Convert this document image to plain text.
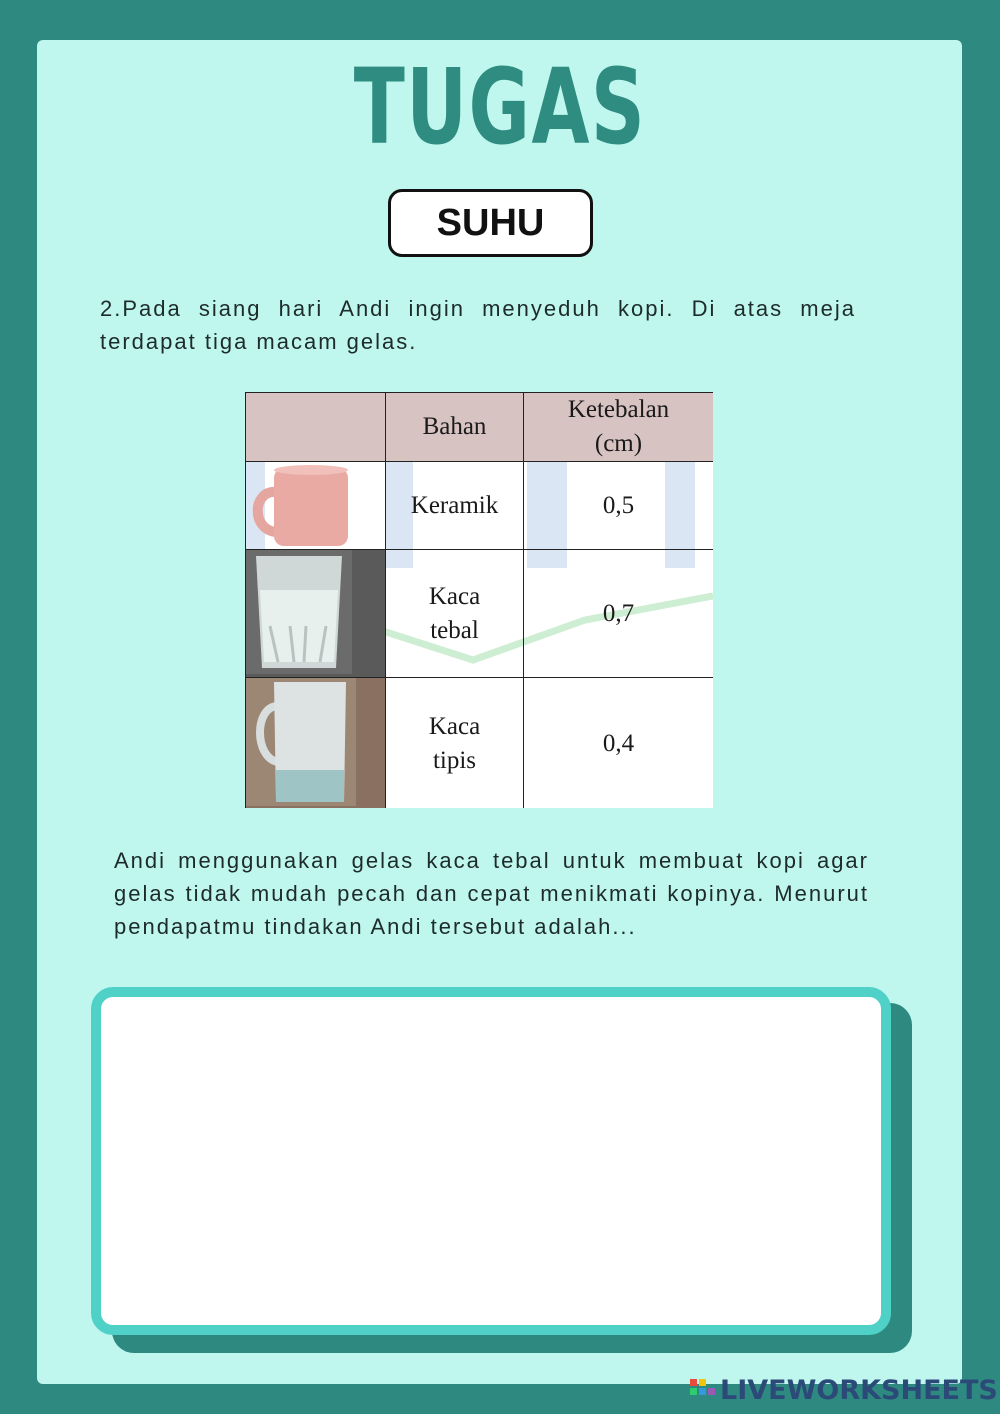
TUGAS
SUHU
2.Pada siang hari Andi ingin menyeduh kopi. Di atas meja terdapat tiga macam gelas.
	Bahan	Ketebalan (cm)

	Keramik	0,5

	Kaca tebal	0,7

	Kaca tipis	0,4
Andi menggunakan gelas kaca tebal untuk membuat kopi agar gelas tidak mudah pecah dan cepat menikmati kopinya. Menurut pendapatmu tindakan Andi tersebut adalah...
LIVEWORKSHEETS
